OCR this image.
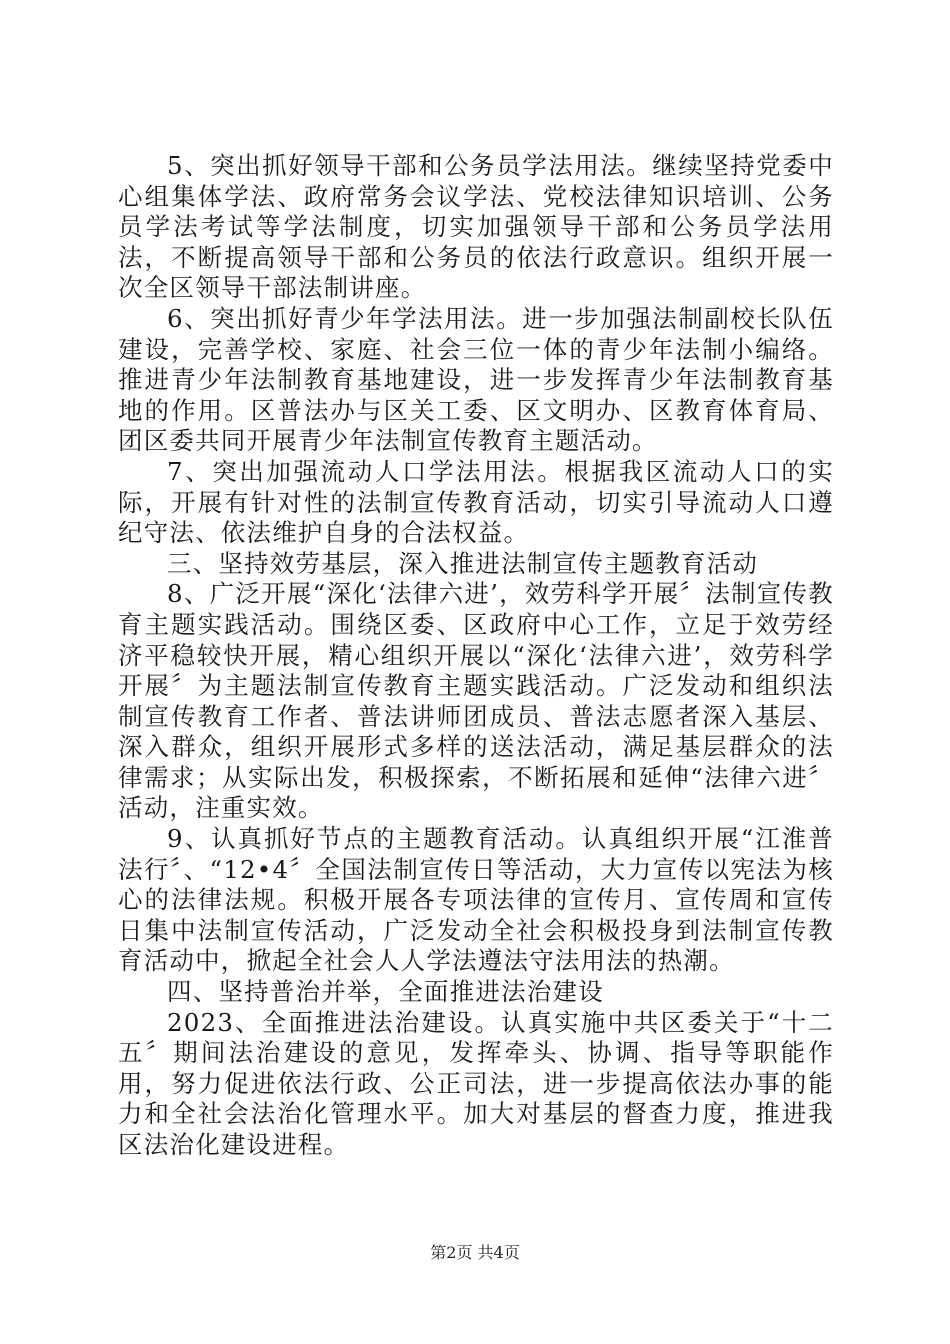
5、突出抓好领导干部和公务员学法用法。继续坚持党委中心组集体学法、政府常务会议学法、党校法律知识培训、公务员学法考试等学法制度，切实加强领导干部和公务员学法用法，不断提高领导干部和公务员的依法行政意识。组织开展一次全区领导干部法制讲座。

6、突出抓好青少年学法用法。进一步加强法制副校长队伍建设，完善学校、家庭、社会三位一体的青少年法制小编络。推进青少年法制教育基地建设，进一步发挥青少年法制教育基地的作用。区普法办与区关工委、区文明办、区教育体育局、团区委共同开展青少年法制宣传教育主题活动。

7、突出加强流动人口学法用法。根据我区流动人口的实际，开展有针对性的法制宣传教育活动，切实引导流动人口遵纪守法、依法维护自身的合法权益。

三、坚持效劳基层，深入推进法制宣传主题教育活动

8、广泛开展“深化‘法律六进’，效劳科学开展〞法制宣传教育主题实践活动。围绕区委、区政府中心工作，立足于效劳经济平稳较快开展，精心组织开展以“深化‘法律六进’，效劳科学开展〞为主题法制宣传教育主题实践活动。广泛发动和组织法制宣传教育工作者、普法讲师团成员、普法志愿者深入基层、深入群众，组织开展形式多样的送法活动，满足基层群众的法律需求；从实际出发，积极探索，不断拓展和延伸“法律六进〞活动，注重实效。

9、认真抓好节点的主题教育活动。认真组织开展“江淮普法行〞、“12•4〞全国法制宣传日等活动，大力宣传以宪法为核心的法律法规。积极开展各专项法律的宣传月、宣传周和宣传日集中法制宣传活动，广泛发动全社会积极投身到法制宣传教育活动中，掀起全社会人人学法遵法守法用法的热潮。

四、坚持普治并举，全面推进法治建设

2023、全面推进法治建设。认真实施中共区委关于“十二五〞期间法治建设的意见，发挥牵头、协调、指导等职能作用，努力促进依法行政、公正司法，进一步提高依法办事的能力和全社会法治化管理水平。加大对基层的督查力度，推进我区法治化建设进程。

第2页 共4页
